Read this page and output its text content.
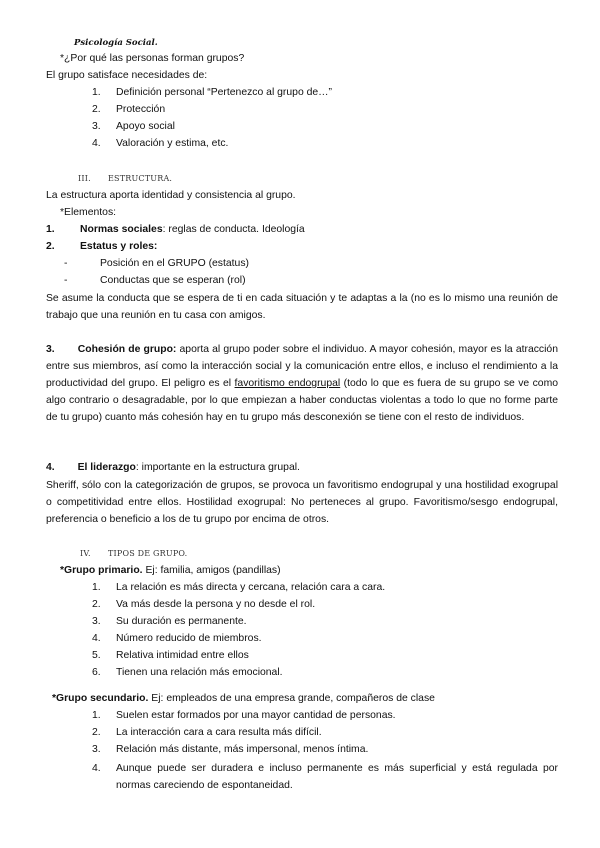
Psicología Social.
*¿Por qué las personas forman grupos?
El grupo satisface necesidades de:
1.	Definición personal “Pertenezco al grupo de…”
2.	Protección
3.	Apoyo social
4.	Valoración y estima, etc.
III. ESTRUCTURA.
La estructura aporta identidad y consistencia al grupo.
*Elementos:
1.	Normas sociales: reglas de conducta. Ideología
2.	Estatus y roles:
-	Posición en el GRUPO (estatus)
-	Conductas que se esperan (rol)
Se asume la conducta que se espera de ti en cada situación y te adaptas a la (no es lo mismo una reunión de trabajo que una reunión en tu casa con amigos.
3. Cohesión de grupo: aporta al grupo poder sobre el individuo. A mayor cohesión, mayor es la atracción entre sus miembros, así como la interacción social y la comunicación entre ellos, e incluso el rendimiento a la productividad del grupo. El peligro es el favoritismo endogrupal (todo lo que es fuera de su grupo se ve como algo contrario o desagradable, por lo que empiezan a haber conductas violentas a todo lo que no forme parte de tu grupo) cuanto más cohesión hay en tu grupo más desconexión se tiene con el resto de individuos.
4. El liderazgo: importante en la estructura grupal.
Sheriff, sólo con la categorización de grupos, se provoca un favoritismo endogrupal y una hostilidad exogrupal o competitividad entre ellos. Hostilidad exogrupal: No perteneces al grupo. Favoritismo/sesgo endogrupal, preferencia o beneficio a los de tu grupo por encima de otros.
IV. TIPOS DE GRUPO.
*Grupo primario. Ej: familia, amigos (pandillas)
1.	La relación es más directa y cercana, relación cara a cara.
2.	Va más desde la persona y no desde el rol.
3.	Su duración es permanente.
4.	Número reducido de miembros.
5.	Relativa intimidad entre ellos
6.	Tienen una relación más emocional.
*Grupo secundario. Ej: empleados de una empresa grande, compañeros de clase
1.	Suelen estar formados por una mayor cantidad de personas.
2.	La interacción cara a cara resulta más difícil.
3.	Relación más distante, más impersonal, menos íntima.
4.	Aunque puede ser duradera e incluso permanente es más superficial y está regulada por normas careciendo de espontaneidad.
